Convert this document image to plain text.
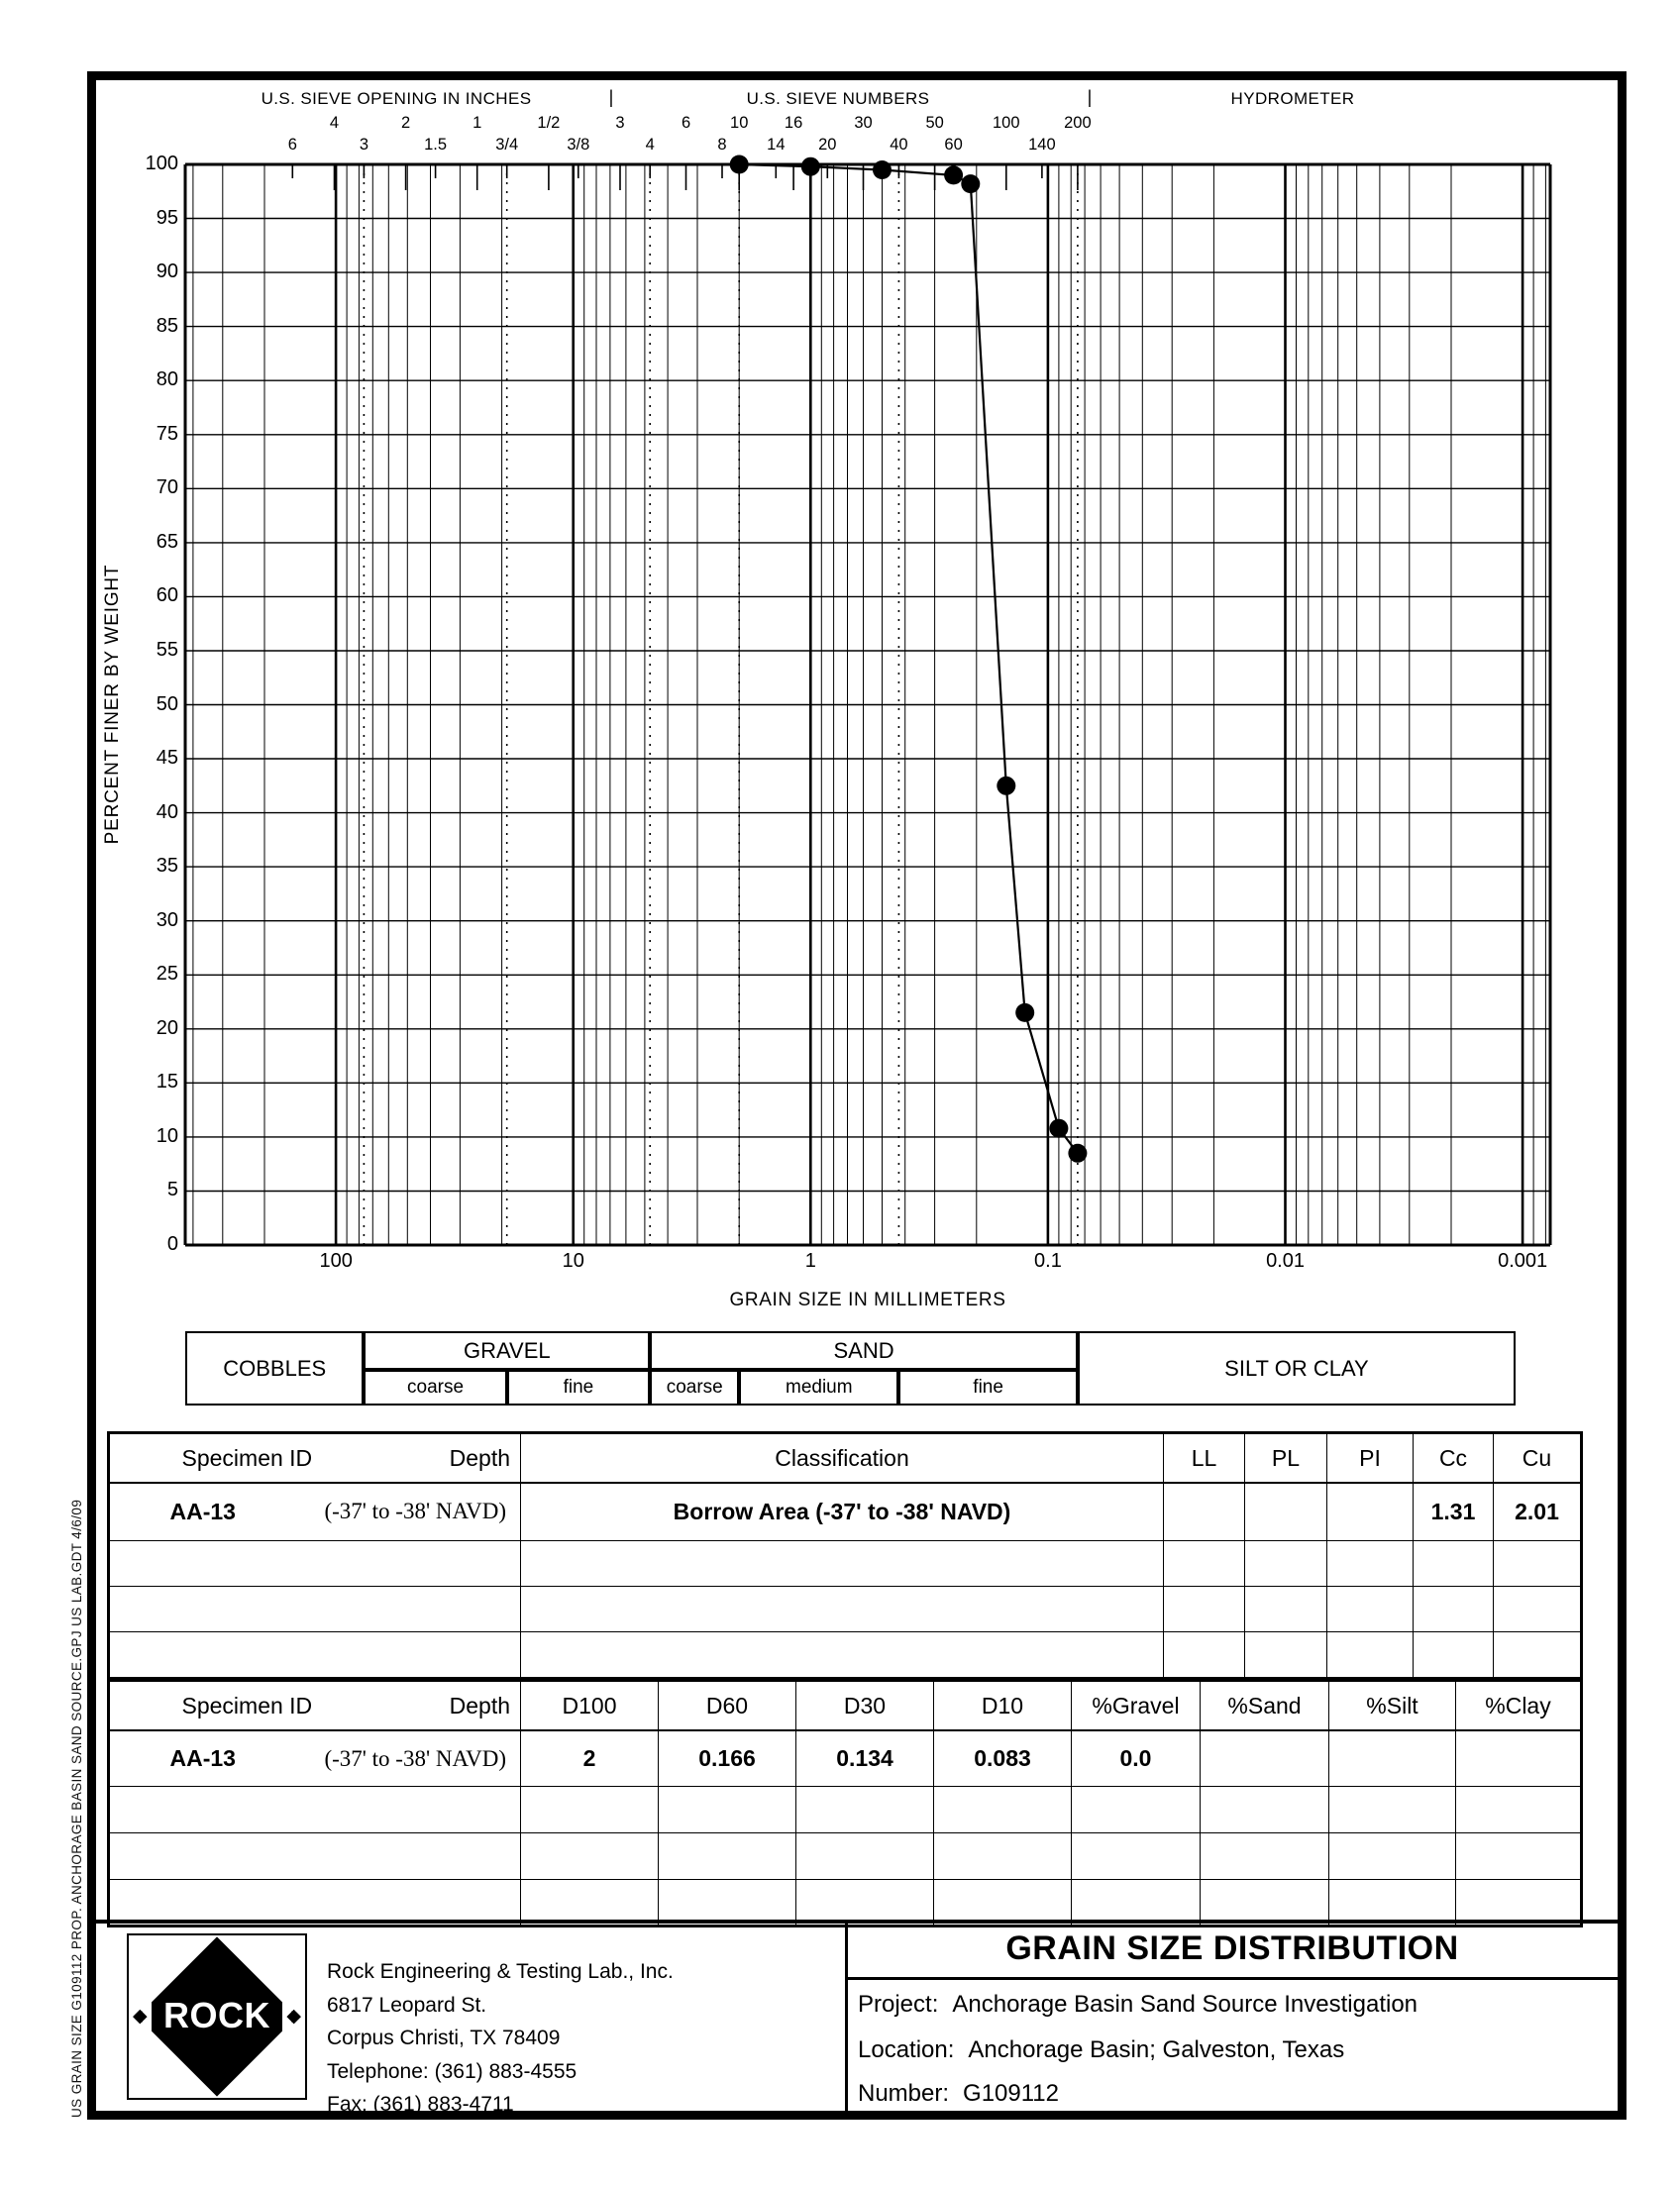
US GRAIN SIZE G109112 PROP. ANCHORAGE BASIN SAND SOURCE.GPJ US LAB.GDT 4/6/09
U.S. SIEVE OPENING IN INCHES	|	U.S. SIEVE NUMBERS	|	HYDROMETER
6
4
3
2
1.5
1
3/4
1/2
3/8
3
4
6
8
10
14
16
20
30
40
50
60
100
140
200
0
5
10
15
20
25
30
35
40
45
50
55
60
65
70
75
80
85
90
95
100
100	10	1	0.1	0.01	0.001
PERCENT FINER BY WEIGHT
GRAIN SIZE IN MILLIMETERS
COBBLES
GRAVEL	SAND
SILT OR CLAY
coarse	fine	coarse	medium	fine

	Specimen ID Depth	Classification	LL	PL	PI	Cc	Cu

	AA-13 (-37' to -38' NAVD)	Borrow Area (-37' to -38' NAVD)				1.31	2.01

	Specimen ID Depth	D100	D60	D30	D10	%Gravel	%Sand	%Silt	%Clay

	AA-13 (-37' to -38' NAVD)	2	0.166	0.134	0.083	0.0			

◆	◆
ROCK
Rock Engineering & Testing Lab., Inc.
6817 Leopard St.
Corpus Christi, TX 78409
Telephone: (361) 883-4555
Fax: (361) 883-4711
GRAIN SIZE DISTRIBUTION
Project: Anchorage Basin Sand Source Investigation
Location: Anchorage Basin; Galveston, Texas
Number: G109112
